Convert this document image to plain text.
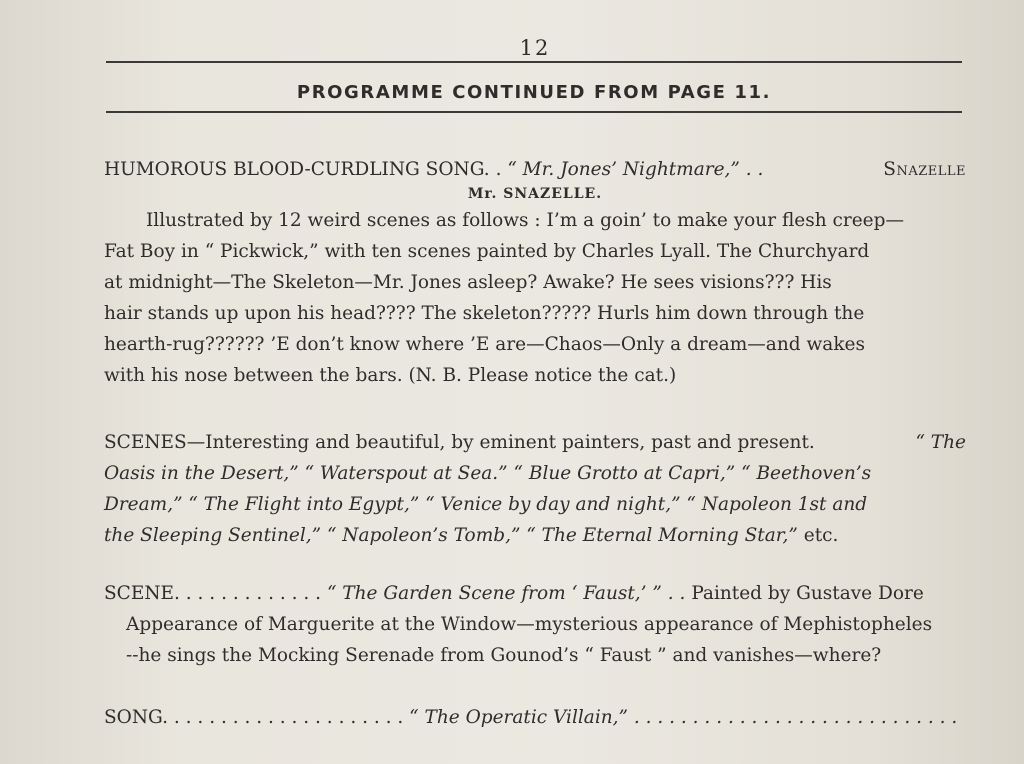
12
PROGRAMME CONTINUED FROM PAGE 11.
HUMOROUS BLOOD-CURDLING SONG. . “ Mr. Jones’ Nightmare,” . .	Snazelle
Mr. SNAZELLE.
Illustrated by 12 weird scenes as follows : I’m a goin’ to make your flesh creep—
Fat Boy in “ Pickwick,” with ten scenes painted by Charles Lyall. The Churchyard
at midnight—The Skeleton—Mr. Jones asleep? Awake? He sees visions??? His
hair stands up upon his head???? The skeleton????? Hurls him down through the
hearth-rug?????? ’E don’t know where ’E are—Chaos—Only a dream—and wakes
with his nose between the bars. (N. B. Please notice the cat.)
SCENES—Interesting and beautiful, by eminent painters, past and present.	“ The
Oasis in the Desert,” “ Waterspout at Sea.” “ Blue Grotto at Capri,” “ Beethoven’s
Dream,” “ The Flight into Egypt,” “ Venice by day and night,” “ Napoleon 1st and
the Sleeping Sentinel,” “ Napoleon’s Tomb,” “ The Eternal Morning Star,” etc.
SCENE. . . . . . . . . . . . . “ The Garden Scene from ‘ Faust,’ ” . . Painted by Gustave Dore
Appearance of Marguerite at the Window—mysterious appearance of Mephistopheles
--he sings the Mocking Serenade from Gounod’s “ Faust ” and vanishes—where?
SONG. . . . . . . . . . . . . . . . . . . . . “ The Operatic Villain,” . . . . . . . . . . . . . . . . . . . . . . . . . . . .
